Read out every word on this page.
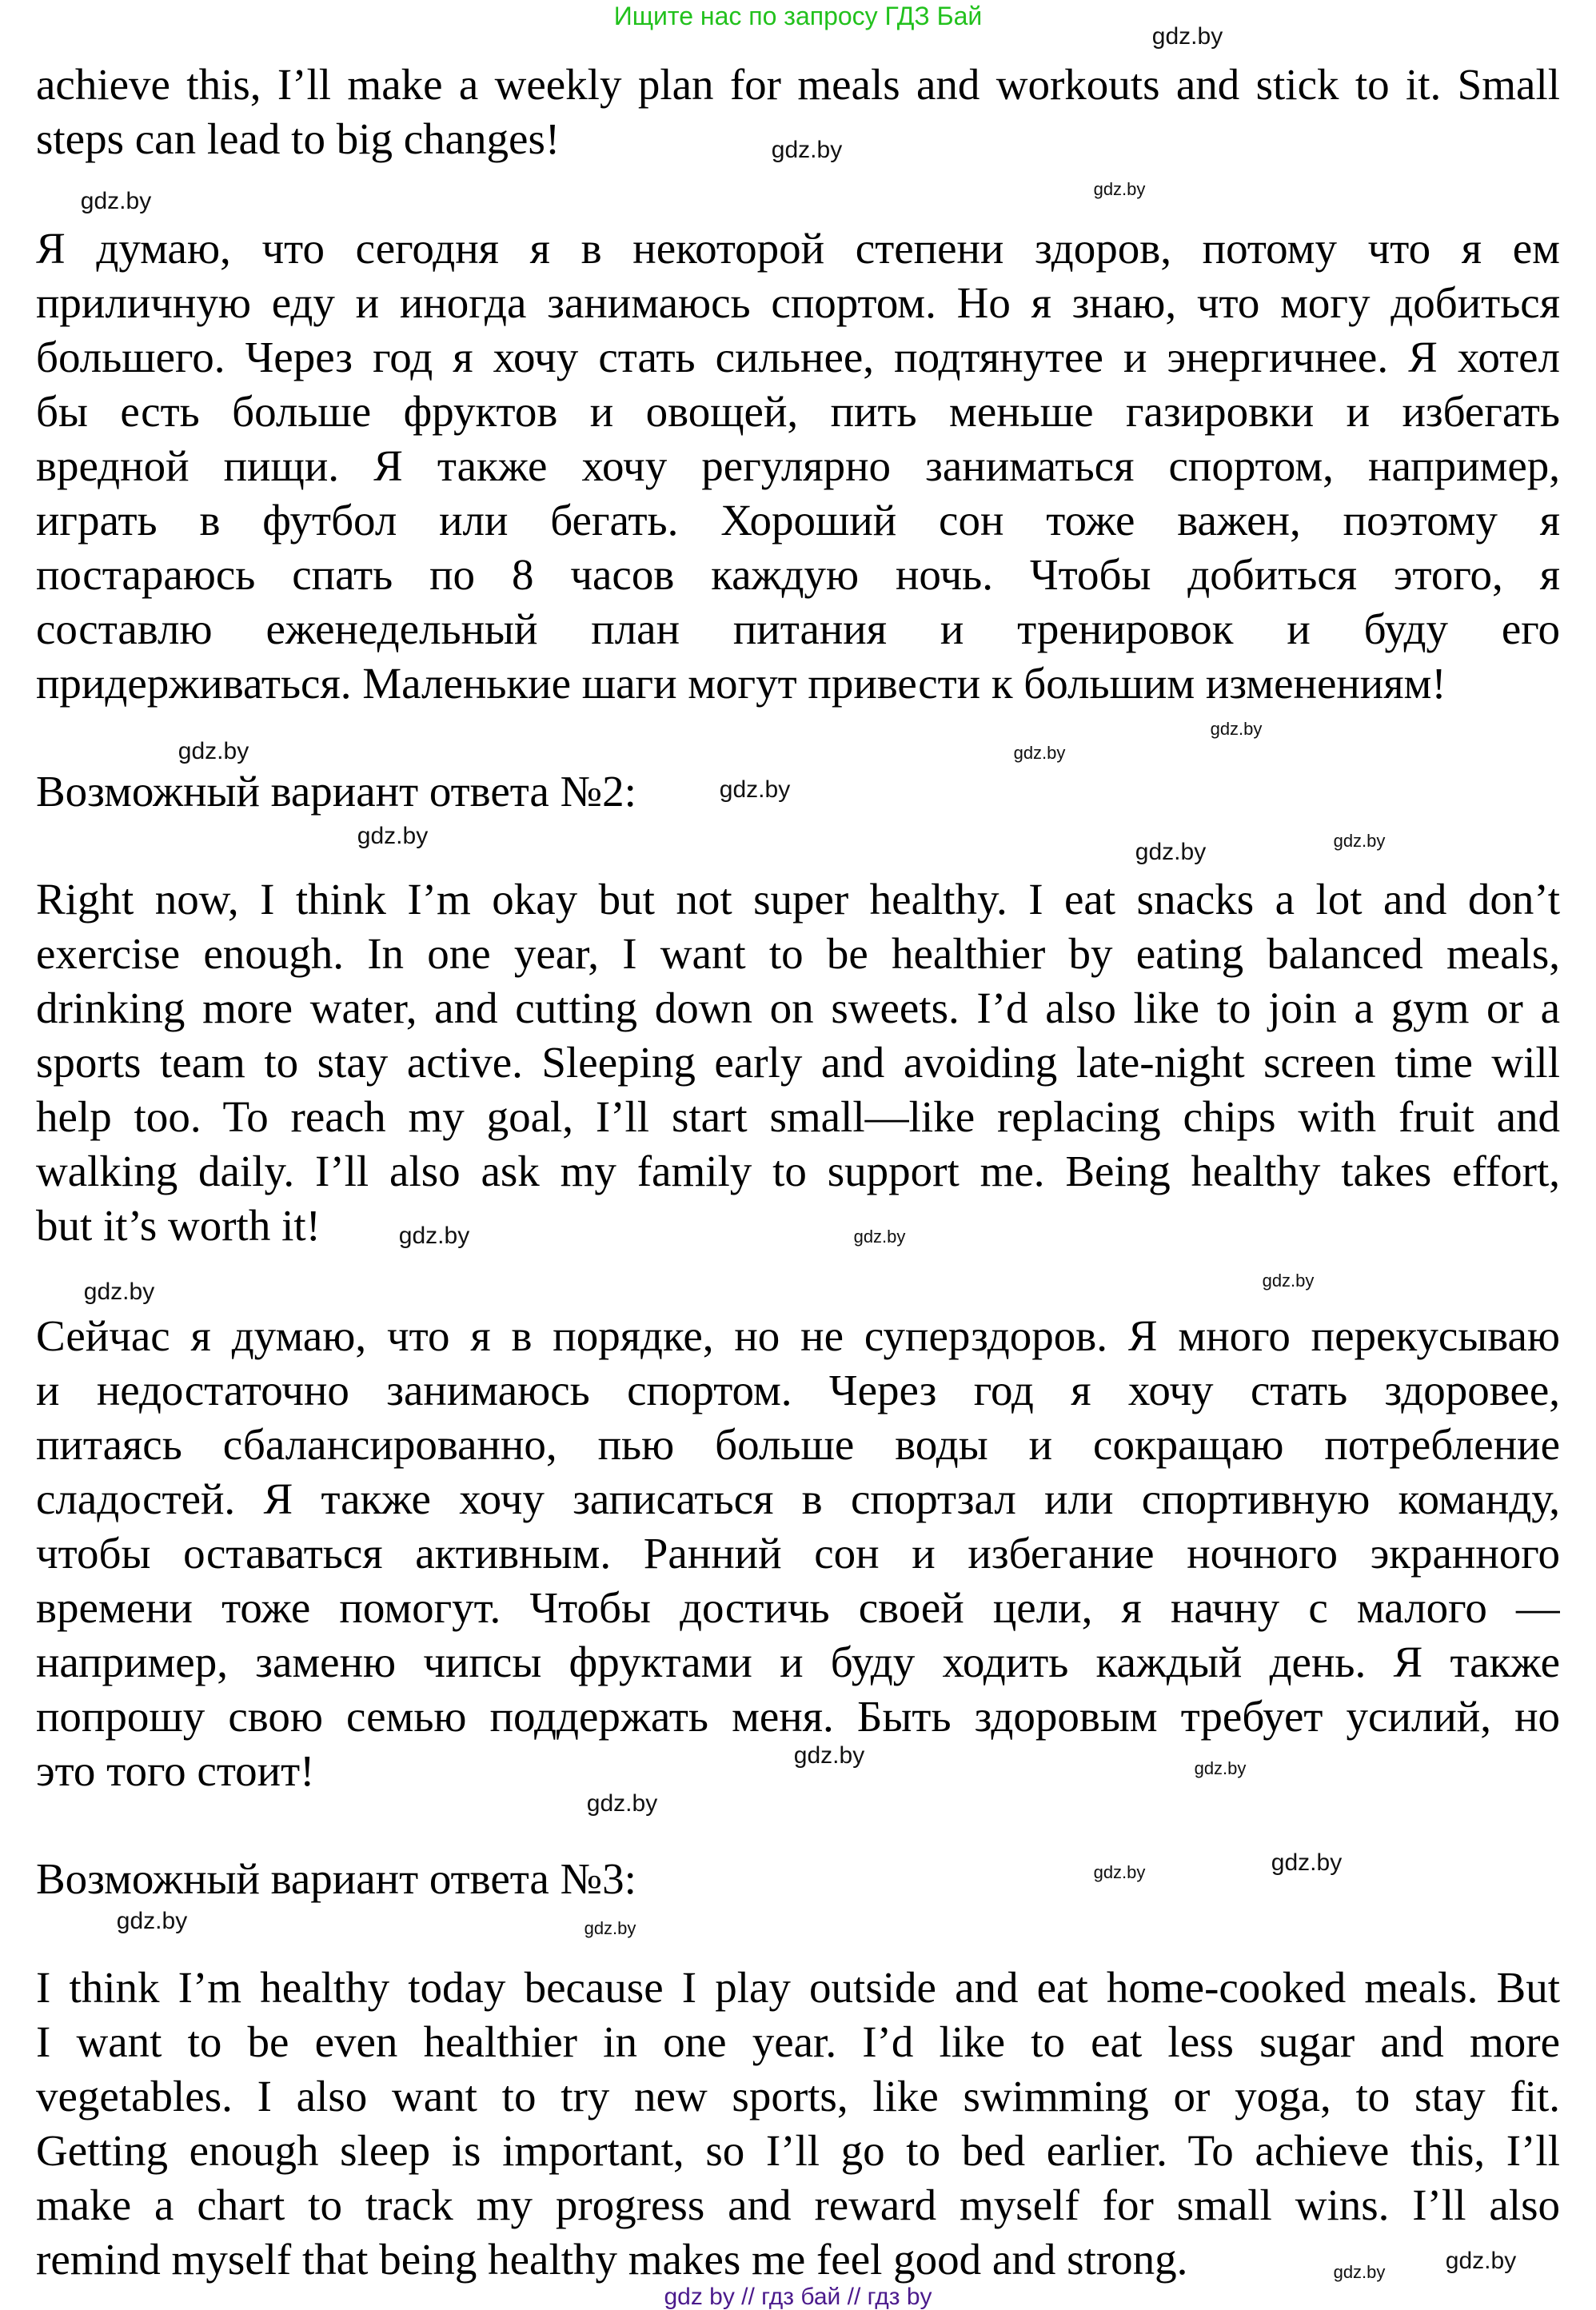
Ищите нас по запросу ГДЗ Бай
achieve this, I’ll make a weekly plan for meals and workouts and stick to it. Small
steps can lead to big changes!
Я думаю, что сегодня я в некоторой степени здоров, потому что я ем
приличную еду и иногда занимаюсь спортом. Но я знаю, что могу добиться
большего. Через год я хочу стать сильнее, подтянутее и энергичнее. Я хотел
бы есть больше фруктов и овощей, пить меньше газировки и избегать
вредной пищи. Я также хочу регулярно заниматься спортом, например,
играть в футбол или бегать. Хороший сон тоже важен, поэтому я
постараюсь спать по 8 часов каждую ночь. Чтобы добиться этого, я
составлю еженедельный план питания и тренировок и буду его
придерживаться. Маленькие шаги могут привести к большим изменениям!
Возможный вариант ответа №2:
Right now, I think I’m okay but not super healthy. I eat snacks a lot and don’t
exercise enough. In one year, I want to be healthier by eating balanced meals,
drinking more water, and cutting down on sweets. I’d also like to join a gym or a
sports team to stay active. Sleeping early and avoiding late-night screen time will
help too. To reach my goal, I’ll start small—like replacing chips with fruit and
walking daily. I’ll also ask my family to support me. Being healthy takes effort,
but it’s worth it!
Сейчас я думаю, что я в порядке, но не суперздоров. Я много перекусываю
и недостаточно занимаюсь спортом. Через год я хочу стать здоровее,
питаясь сбалансированно, пью больше воды и сокращаю потребление
сладостей. Я также хочу записаться в спортзал или спортивную команду,
чтобы оставаться активным. Ранний сон и избегание ночного экранного
времени тоже помогут. Чтобы достичь своей цели, я начну с малого —
например, заменю чипсы фруктами и буду ходить каждый день. Я также
попрошу свою семью поддержать меня. Быть здоровым требует усилий, но
это того стоит!
Возможный вариант ответа №3:
I think I’m healthy today because I play outside and eat home-cooked meals. But
I want to be even healthier in one year. I’d like to eat less sugar and more
vegetables. I also want to try new sports, like swimming or yoga, to stay fit.
Getting enough sleep is important, so I’ll go to bed earlier. To achieve this, I’ll
make a chart to track my progress and reward myself for small wins. I’ll also
remind myself that being healthy makes me feel good and strong.
gdz.by
gdz.by
gdz.by	gdz.by
gdz.by
gdz.by
gdz.by
gdz.by
gdz.by	gdz.by
gdz.by
gdz.by	gdz.by
gdz.by
gdz.by
gdz.by	gdz.by
gdz.by
gdz.by
gdz.by
gdz.by	gdz.by
gdz.by	gdz.by
gdz by // гдз бай // гдз by
